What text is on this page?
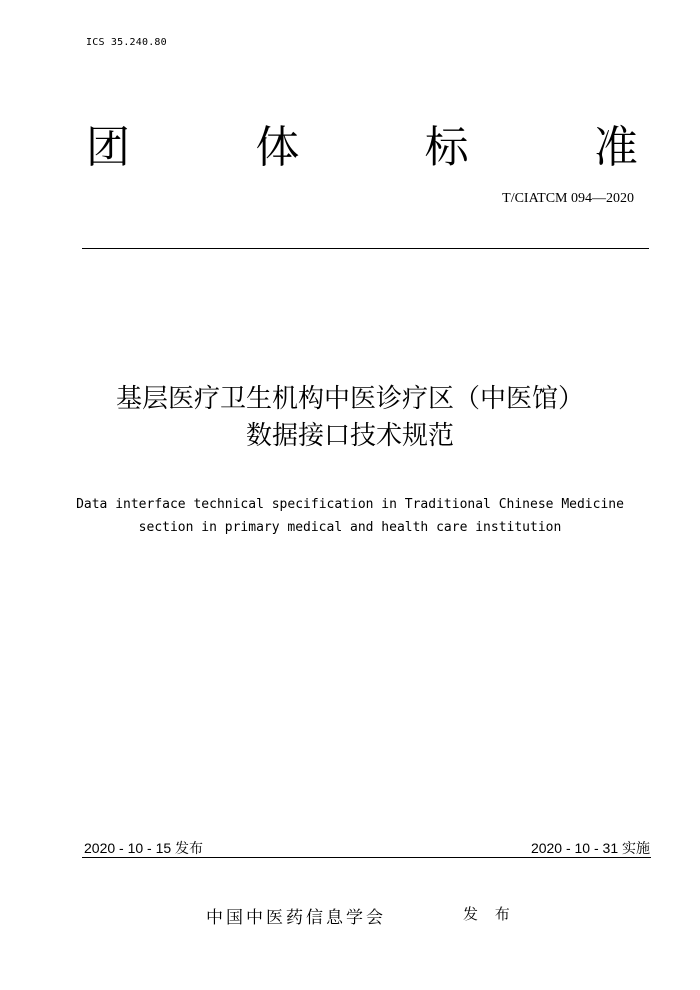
ICS 35.240.80
团	体	标	准
T/CIATCM 094—2020
基层医疗卫生机构中医诊疗区（中医馆）
数据接口技术规范
Data interface technical specification in Traditional Chinese Medicine
section in primary medical and health care institution
2020 - 10 - 15 发布	2020 - 10 - 31 实施
中国中医药信息学会	发 布
